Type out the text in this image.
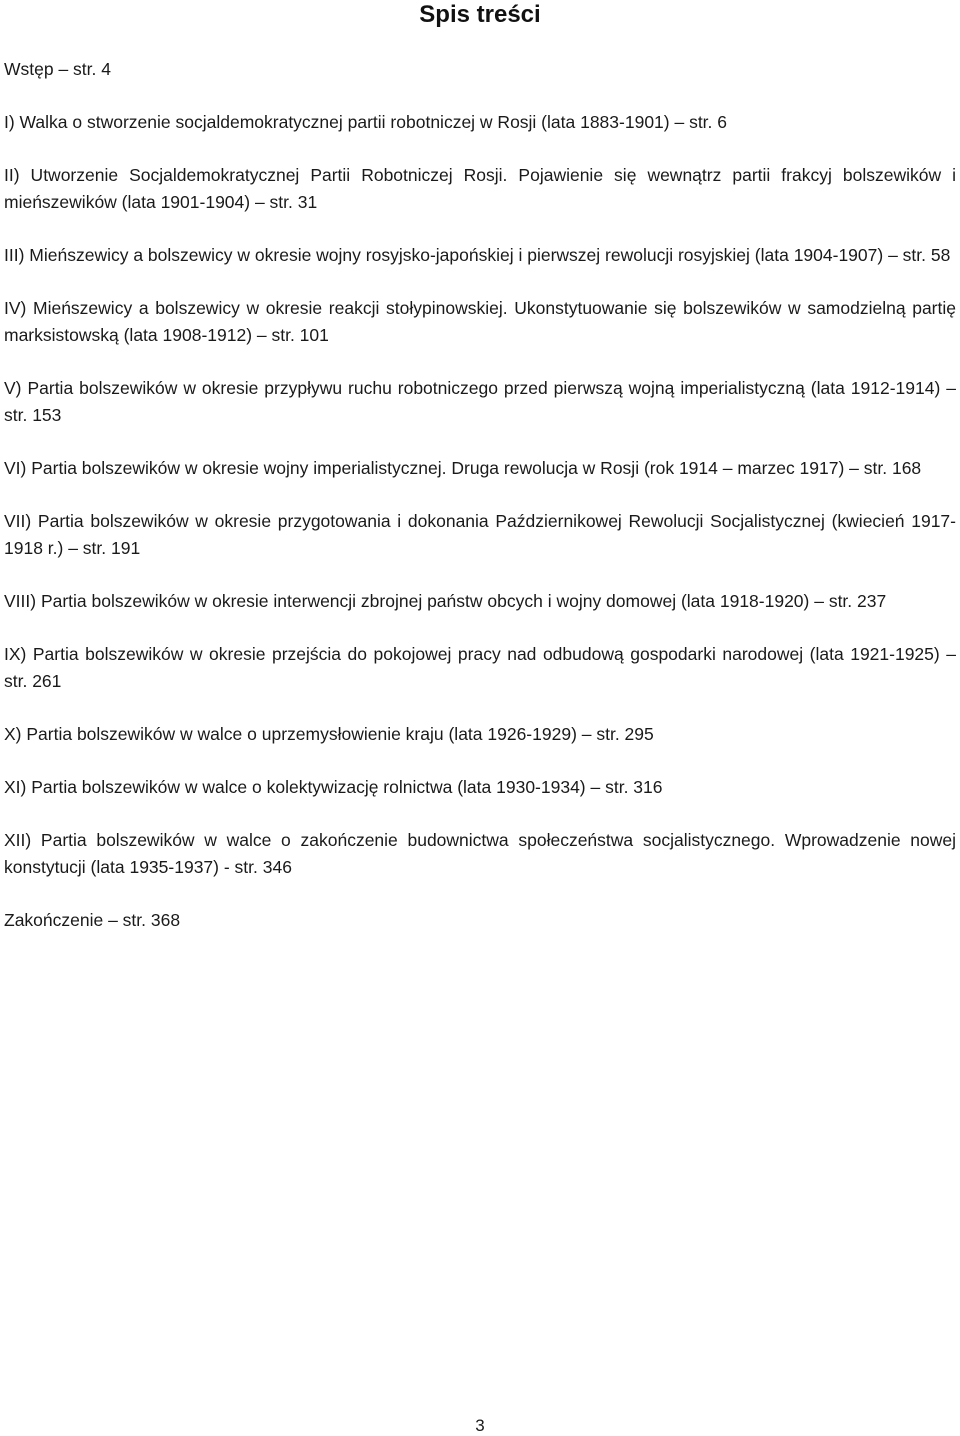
Spis treści

Wstęp – str. 4

I) Walka o stworzenie socjaldemokratycznej partii robotniczej w Rosji (lata 1883-1901) – str. 6

II) Utworzenie Socjaldemokratycznej Partii Robotniczej Rosji. Pojawienie się wewnątrz partii frakcyj bolszewików i mieńszewików (lata 1901-1904) – str. 31

III) Mieńszewicy a bolszewicy w okresie wojny rosyjsko-japońskiej i pierwszej rewolucji rosyjskiej (lata 1904-1907) – str. 58

IV) Mieńszewicy a bolszewicy w okresie reakcji stołypinowskiej. Ukonstytuowanie się bolszewików w samodzielną partię marksistowską (lata 1908-1912) – str. 101

V) Partia bolszewików w okresie przypływu ruchu robotniczego przed pierwszą wojną imperialistyczną (lata 1912-1914) – str. 153

VI) Partia bolszewików w okresie wojny imperialistycznej. Druga rewolucja w Rosji (rok 1914 – marzec 1917) – str. 168

VII) Partia bolszewików w okresie przygotowania i dokonania Październikowej Rewolucji Socjalistycznej (kwiecień 1917-1918 r.) – str. 191

VIII) Partia bolszewików w okresie interwencji zbrojnej państw obcych i wojny domowej (lata 1918-1920) – str. 237

IX) Partia bolszewików w okresie przejścia do pokojowej pracy nad odbudową gospodarki narodowej (lata 1921-1925) – str. 261

X) Partia bolszewików w walce o uprzemysłowienie kraju (lata 1926-1929) – str. 295

XI) Partia bolszewików w walce o kolektywizację rolnictwa (lata 1930-1934) – str. 316

XII) Partia bolszewików w walce o zakończenie budownictwa społeczeństwa socjalistycznego. Wprowadzenie nowej konstytucji (lata 1935-1937) - str. 346

Zakończenie – str. 368

3
